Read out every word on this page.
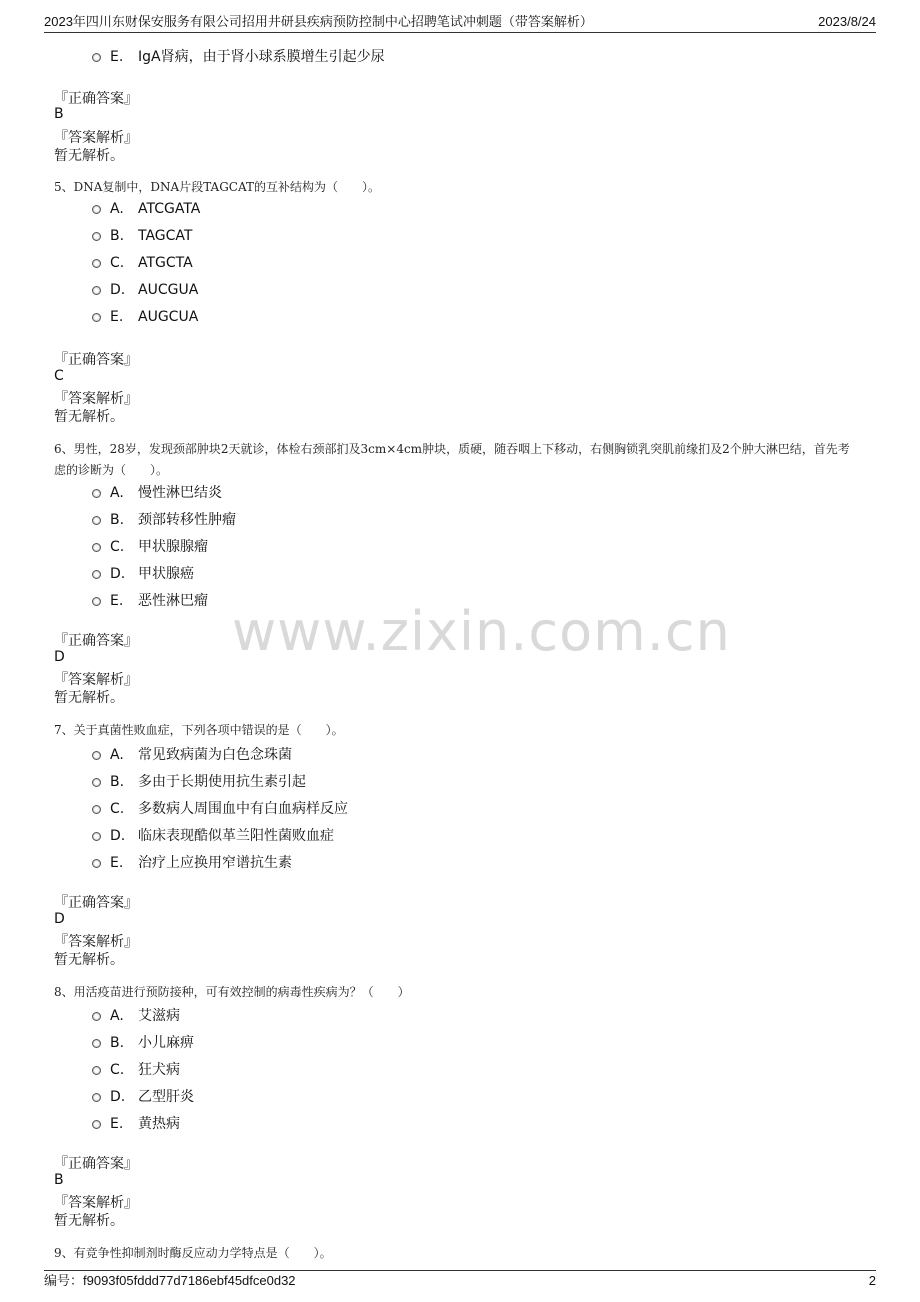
2023年四川东财保安服务有限公司招用井研县疾病预防控制中心招聘笔试冲刺题（带答案解析）	2023/8/24
www.zixin.com.cn
E. IgA肾病，由于肾小球系膜增生引起少尿
『正确答案』
B
『答案解析』
暂无解析。
5、DNA复制中，DNA片段TAGCAT的互补结构为（　　）。
A. ATCGATA
B. TAGCAT
C. ATGCTA
D. AUCGUA
E. AUGCUA
『正确答案』
C
『答案解析』
暂无解析。
6、男性，28岁，发现颈部肿块2天就诊，体检右颈部扪及3cm×4cm肿块，质硬，随吞咽上下移动，右侧胸锁乳突肌前缘扪及2个肿大淋巴结，首先考虑的诊断为（　　）。
A. 慢性淋巴结炎
B. 颈部转移性肿瘤
C. 甲状腺腺瘤
D. 甲状腺癌
E. 恶性淋巴瘤
『正确答案』
D
『答案解析』
暂无解析。
7、关于真菌性败血症，下列各项中错误的是（　　）。
A. 常见致病菌为白色念珠菌
B. 多由于长期使用抗生素引起
C. 多数病人周围血中有白血病样反应
D. 临床表现酷似革兰阳性菌败血症
E. 治疗上应换用窄谱抗生素
『正确答案』
D
『答案解析』
暂无解析。
8、用活疫苗进行预防接种，可有效控制的病毒性疾病为？（　　）
A. 艾滋病
B. 小儿麻痹
C. 狂犬病
D. 乙型肝炎
E. 黄热病
『正确答案』
B
『答案解析』
暂无解析。
9、有竞争性抑制剂时酶反应动力学特点是（　　）。
编号：f9093f05fddd77d7186ebf45dfce0d32	2
